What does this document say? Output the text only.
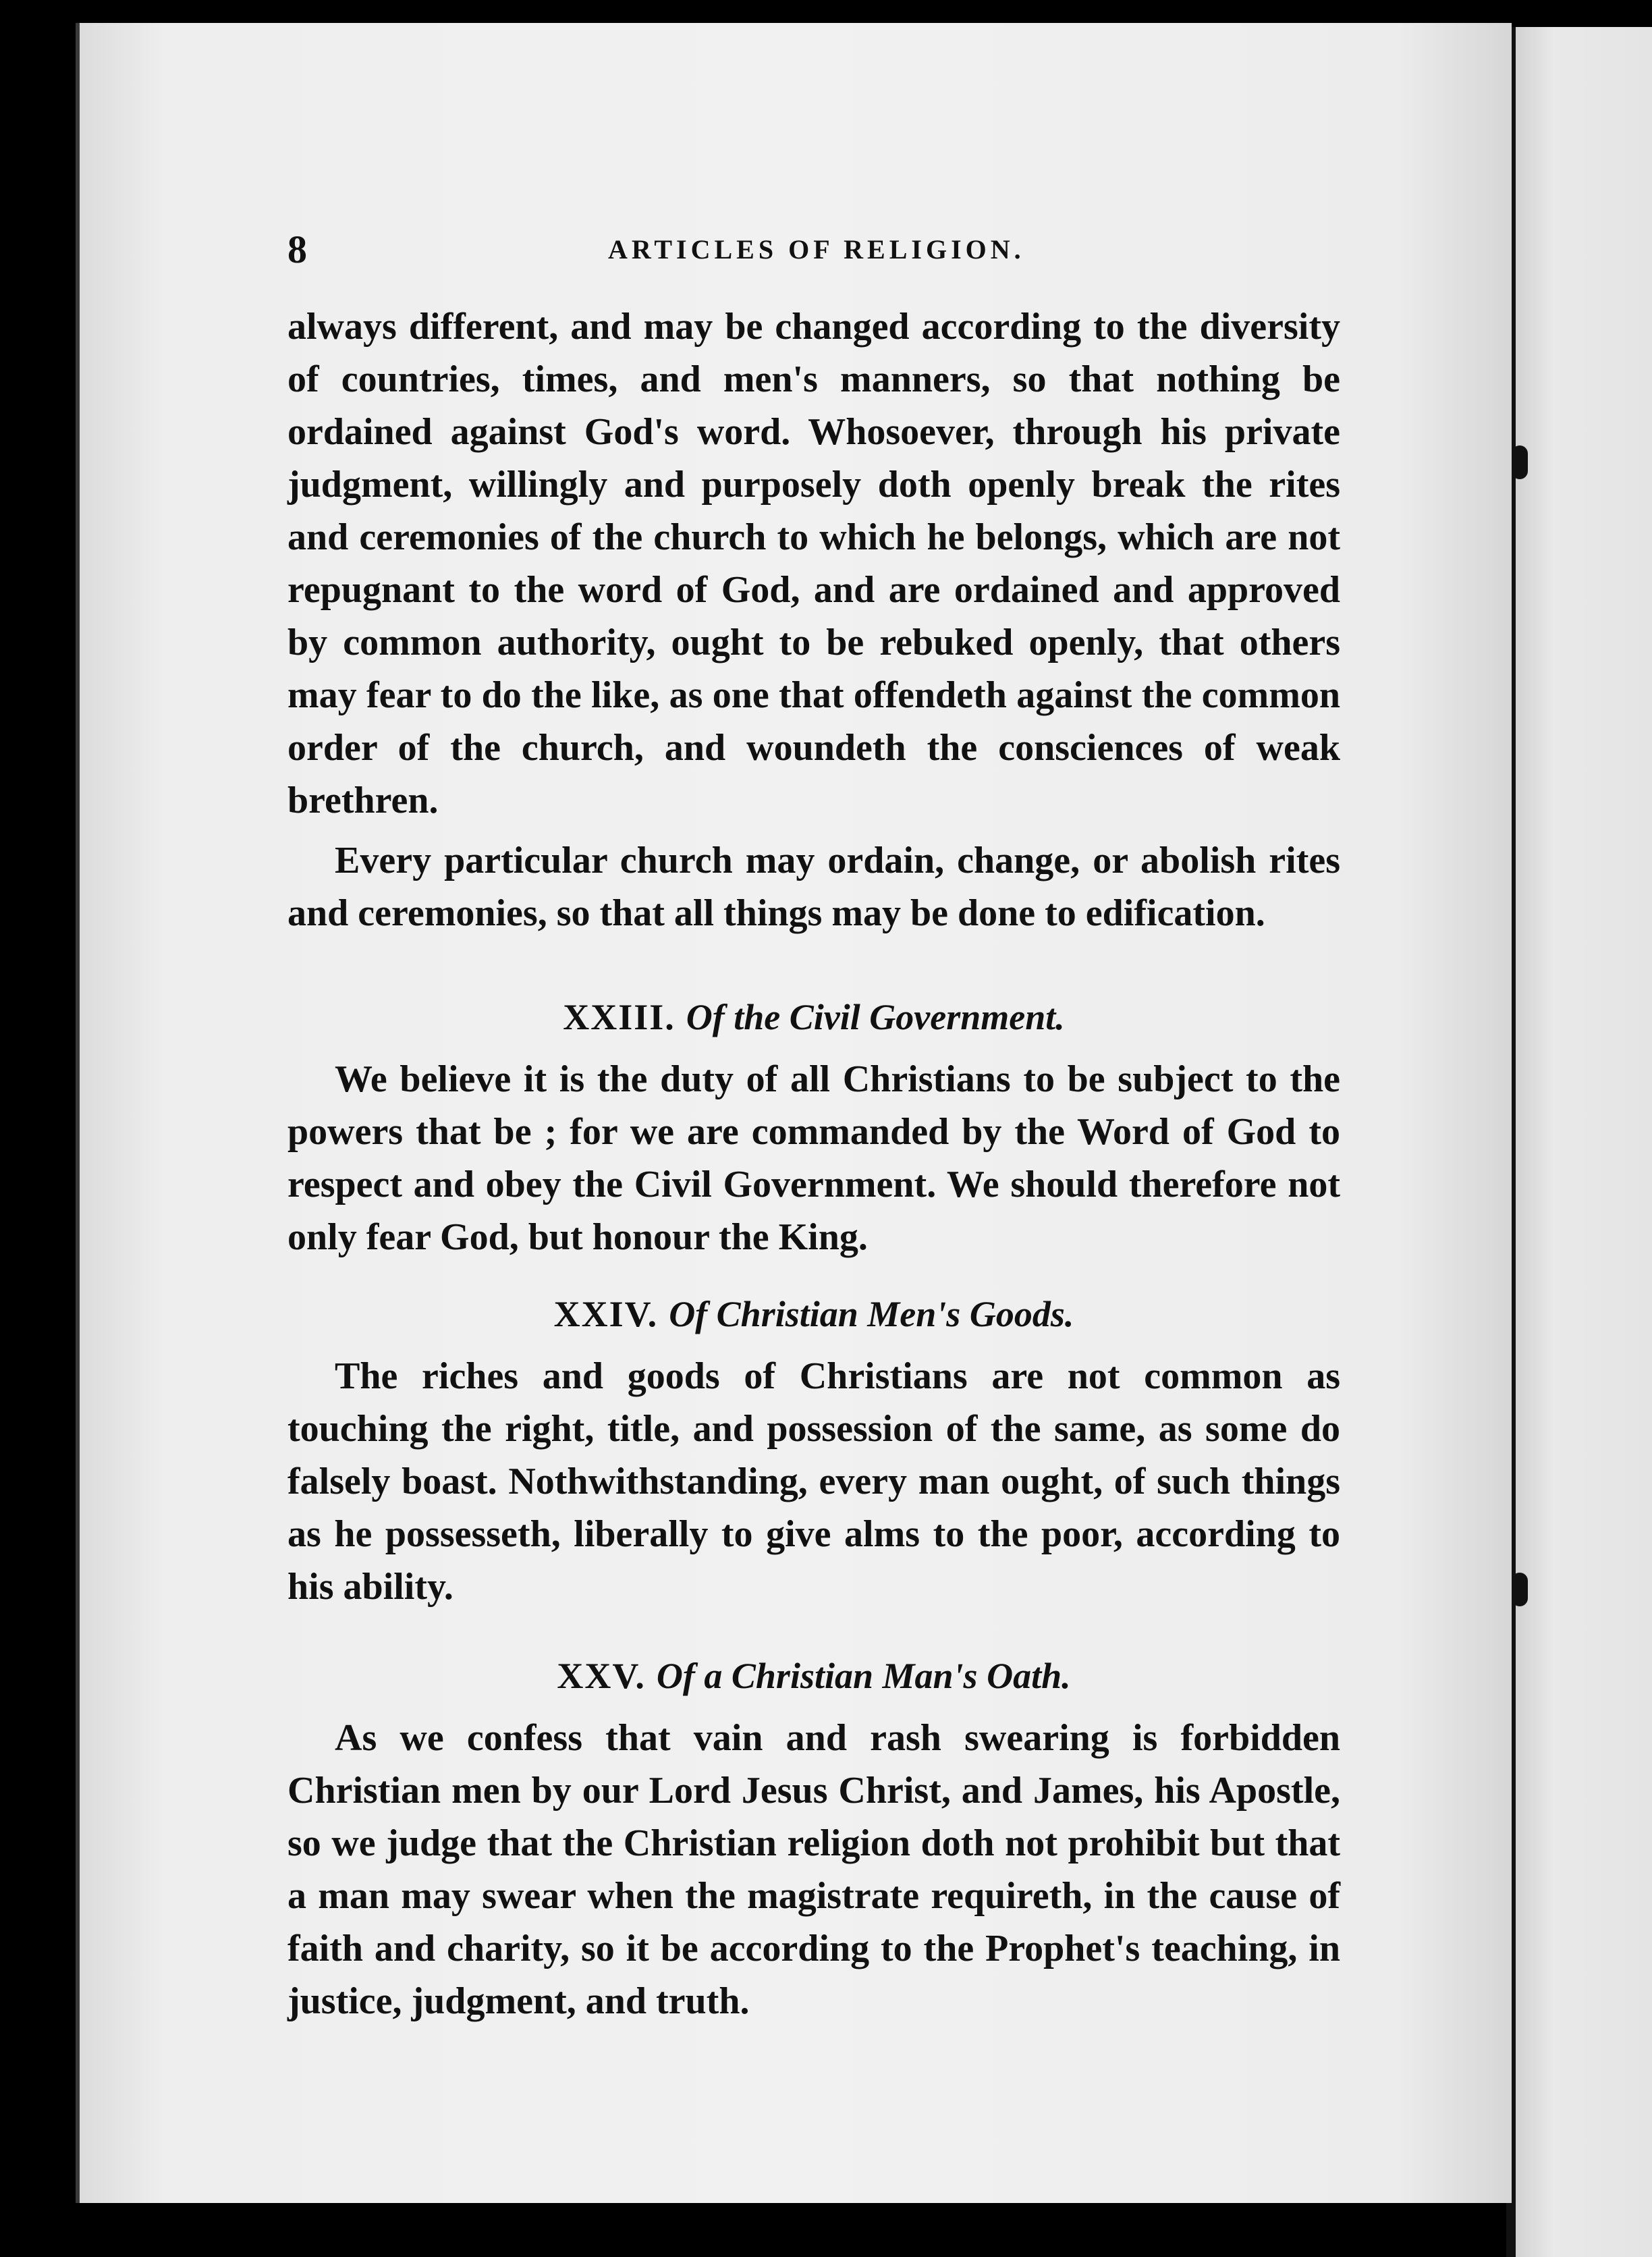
8	ARTICLES OF RELIGION.

always different, and may be changed according to the diversity of countries, times, and men's manners, so that nothing be ordained against God's word. Whosoever, through his private judgment, willingly and purposely doth openly break the rites and ceremonies of the church to which he belongs, which are not repugnant to the word of God, and are ordained and approved by common authority, ought to be rebuked openly, that others may fear to do the like, as one that offendeth against the common order of the church, and woundeth the consciences of weak brethren.

Every particular church may ordain, change, or abolish rites and ceremonies, so that all things may be done to edification.

XXIII. Of the Civil Government.

We believe it is the duty of all Christians to be subject to the powers that be ; for we are commanded by the Word of God to respect and obey the Civil Government. We should therefore not only fear God, but honour the King.

XXIV. Of Christian Men's Goods.

The riches and goods of Christians are not common as touching the right, title, and possession of the same, as some do falsely boast. Nothwithstanding, every man ought, of such things as he possesseth, liberally to give alms to the poor, according to his ability.

XXV. Of a Christian Man's Oath.

As we confess that vain and rash swearing is forbidden Christian men by our Lord Jesus Christ, and James, his Apostle, so we judge that the Christian religion doth not prohibit but that a man may swear when the magistrate requireth, in the cause of faith and charity, so it be according to the Prophet's teaching, in justice, judgment, and truth.
